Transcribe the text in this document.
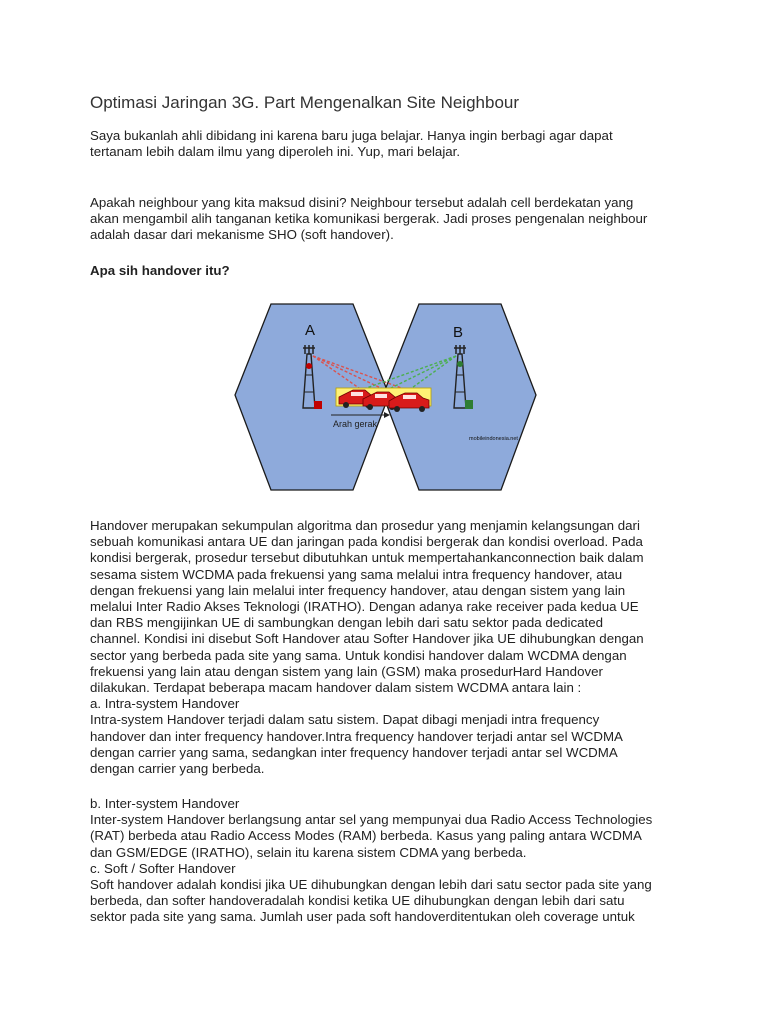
Optimasi Jaringan 3G. Part Mengenalkan Site Neighbour

Saya bukanlah ahli dibidang ini karena baru juga belajar. Hanya ingin berbagi agar dapat
tertanam lebih dalam ilmu yang diperoleh ini. Yup, mari belajar.

Apakah neighbour yang kita maksud disini? Neighbour tersebut adalah cell berdekatan yang
akan mengambil alih tanganan ketika komunikasi bergerak. Jadi proses pengenalan neighbour
adalah dasar dari mekanisme SHO (soft handover).

Apa sih handover itu?
A	B
Arah gerak
mobileindonesia.net

Handover merupakan sekumpulan algoritma dan prosedur yang menjamin kelangsungan dari
sebuah komunikasi antara UE dan jaringan pada kondisi bergerak dan kondisi overload. Pada
kondisi bergerak, prosedur tersebut dibutuhkan untuk mempertahankanconnection baik dalam
sesama sistem WCDMA pada frekuensi yang sama melalui intra frequency handover, atau
dengan frekuensi yang lain melalui inter frequency handover, atau dengan sistem yang lain
melalui Inter Radio Akses Teknologi (IRATHO). Dengan adanya rake receiver pada kedua UE
dan RBS mengijinkan UE di sambungkan dengan lebih dari satu sektor pada dedicated
channel. Kondisi ini disebut Soft Handover atau Softer Handover jika UE dihubungkan dengan
sector yang berbeda pada site yang sama. Untuk kondisi handover dalam WCDMA dengan
frekuensi yang lain atau dengan sistem yang lain (GSM) maka prosedurHard Handover
dilakukan. Terdapat beberapa macam handover dalam sistem WCDMA antara lain :
a. Intra-system Handover
Intra-system Handover terjadi dalam satu sistem. Dapat dibagi menjadi intra frequency
handover dan inter frequency handover.Intra frequency handover terjadi antar sel WCDMA
dengan carrier yang sama, sedangkan inter frequency handover terjadi antar sel WCDMA
dengan carrier yang berbeda.

b. Inter-system Handover
Inter-system Handover berlangsung antar sel yang mempunyai dua Radio Access Technologies
(RAT) berbeda atau Radio Access Modes (RAM) berbeda. Kasus yang paling antara WCDMA
dan GSM/EDGE (IRATHO), selain itu karena sistem CDMA yang berbeda.
c. Soft / Softer Handover
Soft handover adalah kondisi jika UE dihubungkan dengan lebih dari satu sector pada site yang
berbeda, dan softer handoveradalah kondisi ketika UE dihubungkan dengan lebih dari satu
sektor pada site yang sama. Jumlah user pada soft handoverditentukan oleh coverage untuk
